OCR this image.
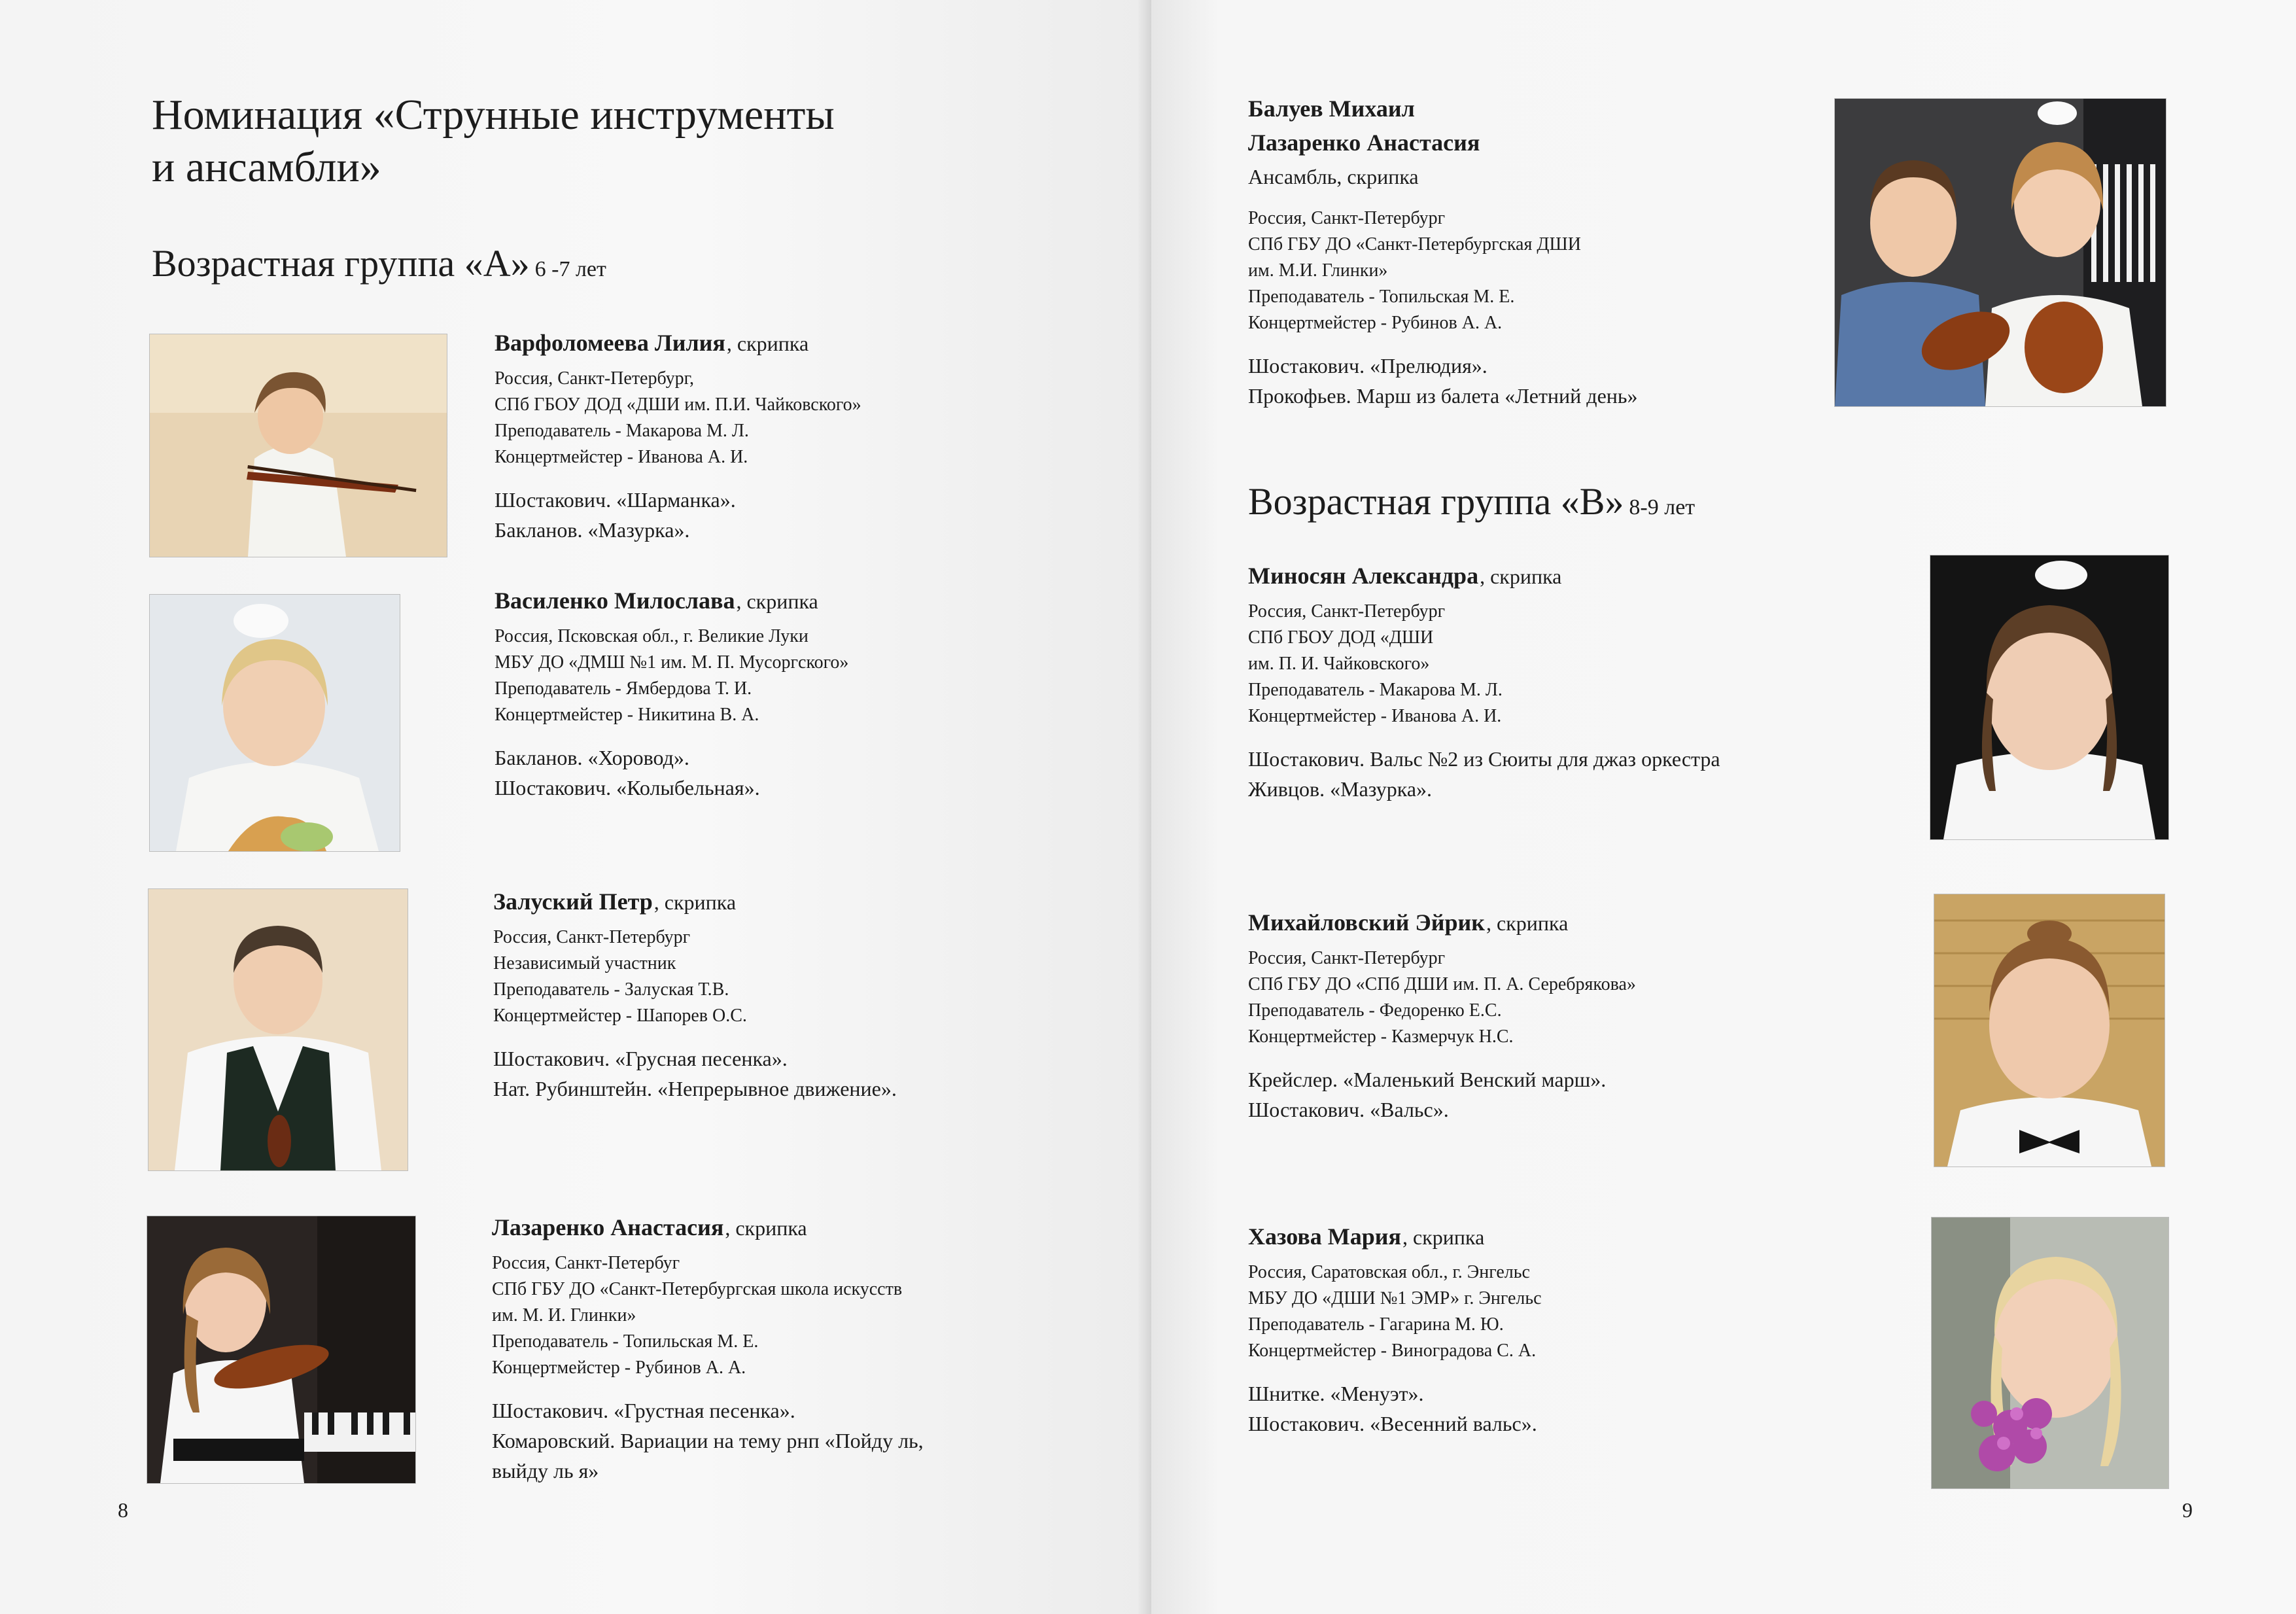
Номинация «Струнные инструменты
и ансамбли»
Возрастная группа «А» 6 -7 лет

Варфоломеева Лилия, скрипка

Россия, Санкт-Петербург,
СПб ГБОУ ДОД «ДШИ им. П.И. Чайковского»
Преподаватель - Макарова М. Л.
Концертмейстер - Иванова А. И.
Шостакович. «Шарманка».
Бакланов. «Мазурка».

Василенко Милослава, скрипка

Россия, Псковская обл., г. Великие Луки
МБУ ДО «ДМШ №1 им. М. П. Мусоргского»
Преподаватель - Ямбердова Т. И.
Концертмейстер - Никитина В. А.
Бакланов. «Хоровод».
Шостакович. «Колыбельная».

Залуский Петр, скрипка

Россия, Санкт-Петербург
Независимый участник
Преподаватель - Залуская Т.В.
Концертмейстер - Шапорев О.С.
Шостакович. «Грусная песенка».
Нат. Рубинштейн. «Непрерывное движение».

Лазаренко Анастасия, скрипка

Россия, Санкт-Петербуг
СПб ГБУ ДО «Санкт-Петербургская школа искусств
им. М. И. Глинки»
Преподаватель - Топильская М. Е.
Концертмейстер - Рубинов А. А.
Шостакович. «Грустная песенка».
Комаровский. Вариации на тему рнп «Пойду ль,
выйду ль я»
8
Балуев Михаил
Лазаренко Анастасия
Ансамбль, скрипка
Россия, Санкт-Петербург
СПб ГБУ ДО «Санкт-Петербургская ДШИ
им. М.И. Глинки»
Преподаватель - Топильская М. Е.
Концертмейстер - Рубинов А. А.
Шостакович. «Прелюдия».
Прокофьев. Марш из балета «Летний день»
Возрастная группа «В» 8-9 лет

Миносян Александра, скрипка

Россия, Санкт-Петербург
СПб ГБОУ ДОД «ДШИ
им. П. И. Чайковского»
Преподаватель - Макарова М. Л.
Концертмейстер - Иванова А. И.
Шостакович. Вальс №2 из Сюиты для джаз оркестра
Живцов. «Мазурка».

Михайловский Эйрик, скрипка

Россия, Санкт-Петербург
СПб ГБУ ДО «СПб ДШИ им. П. А. Серебрякова»
Преподаватель - Федоренко Е.С.
Концертмейстер - Казмерчук Н.С.
Крейслер. «Маленький Венский марш».
Шостакович. «Вальс».

Хазова Мария, скрипка

Россия, Саратовская обл., г. Энгельс
МБУ ДО «ДШИ №1 ЭМР» г. Энгельс
Преподаватель - Гагарина М. Ю.
Концертмейстер - Виноградова С. А.
Шнитке. «Менуэт».
Шостакович. «Весенний вальс».
9
